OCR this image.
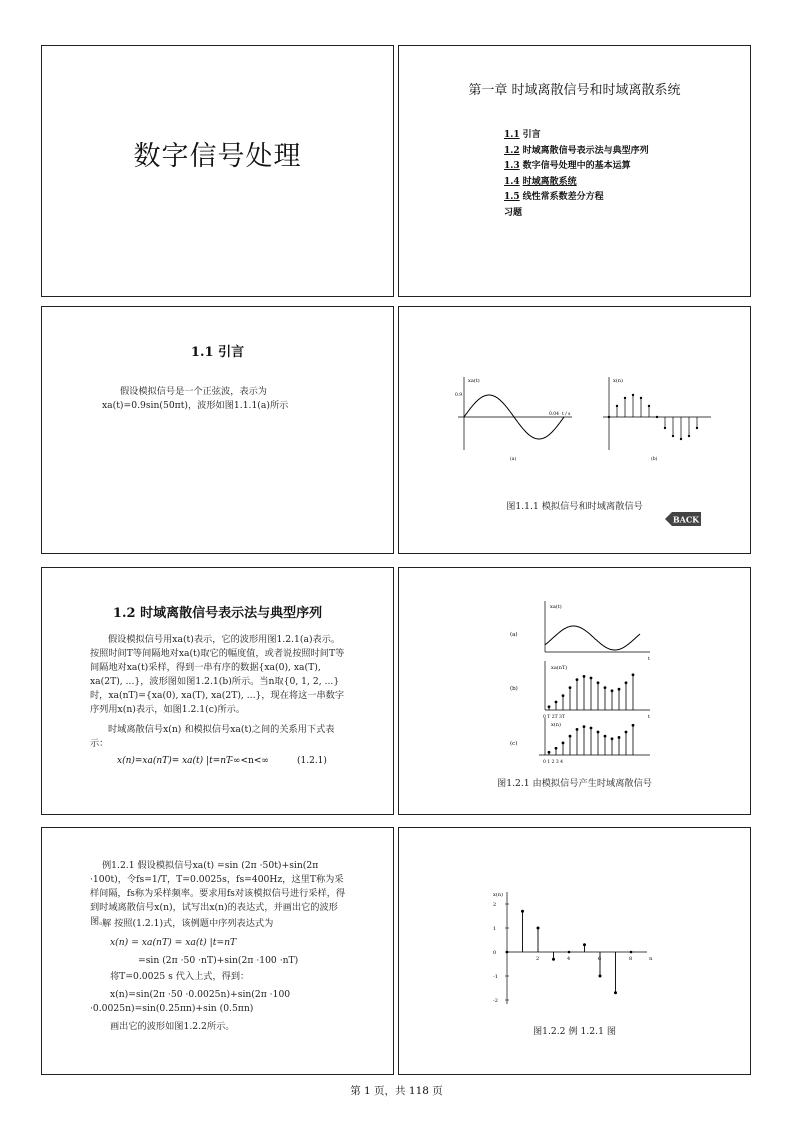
数字信号处理
第一章 时域离散信号和时域离散系统
1.1 引言
1.2 时域离散信号表示法与典型序列
1.3 数字信号处理中的基本运算
1.4 时域离散系统
1.5 线性常系数差分方程
习题
1.1 引言
假设模拟信号是一个正弦波，表示为xa(t)=0.9sin(50πt)，波形如图1.1.1(a)所示
xa(t)
0.9
0.04 t / s
(a)
x(n)
(b)
图1.1.1 模拟信号和时域离散信号
BACK
1.2 时域离散信号表示法与典型序列
假设模拟信号用xa(t)表示，它的波形用图1.2.1(a)表示。按照时间T等间隔地对xa(t)取它的幅度值，或者说按照时间T等间隔地对xa(t)采样，得到一串有序的数据{xa(0), xa(T), xa(2T), ...}，波形图如图1.2.1(b)所示。当n取{0, 1, 2, ...}时，xa(nT)={xa(0), xa(T), xa(2T), ...}，现在将这一串数字序列用x(n)表示，如图1.2.1(c)所示。
时域离散信号x(n) 和模拟信号xa(t)之间的关系用下式表示：
x(n)=xa(nT)= xa(t) |t=nT
-∞<n<∞	(1.2.1)
(a)
xa(t)
t
(b)
xa(nT)
0 T 2T 3T	t
(c)
x(n)
0 1 2 3 4
图1.2.1 由模拟信号产生时域离散信号
例1.2.1 假设模拟信号xa(t) =sin (2π ·50t)+sin(2π ·100t)，令fs=1/T，T=0.0025s，fs=400Hz，这里T称为采样间隔，fs称为采样频率。要求用fs对该模拟信号进行采样，得到时域离散信号x(n)，试写出x(n)的表达式，并画出它的波形图。
解 按照(1.2.1)式，该例题中序列表达式为
x(n) = xa(nT) = xa(t) |t=nT
=sin (2π ·50 ·nT)+sin(2π ·100 ·nT)
将T=0.0025 s 代入上式，得到：
x(n)=sin(2π ·50 ·0.0025n)+sin(2π ·100 ·0.0025n)=sin(0.25πn)+sin (0.5πn)
画出它的波形如图1.2.2所示。
2
1
0
-1
-2
2	4	6	8	n
x(n)
图1.2.2 例 1.2.1 图
第 1 页，共 118 页
